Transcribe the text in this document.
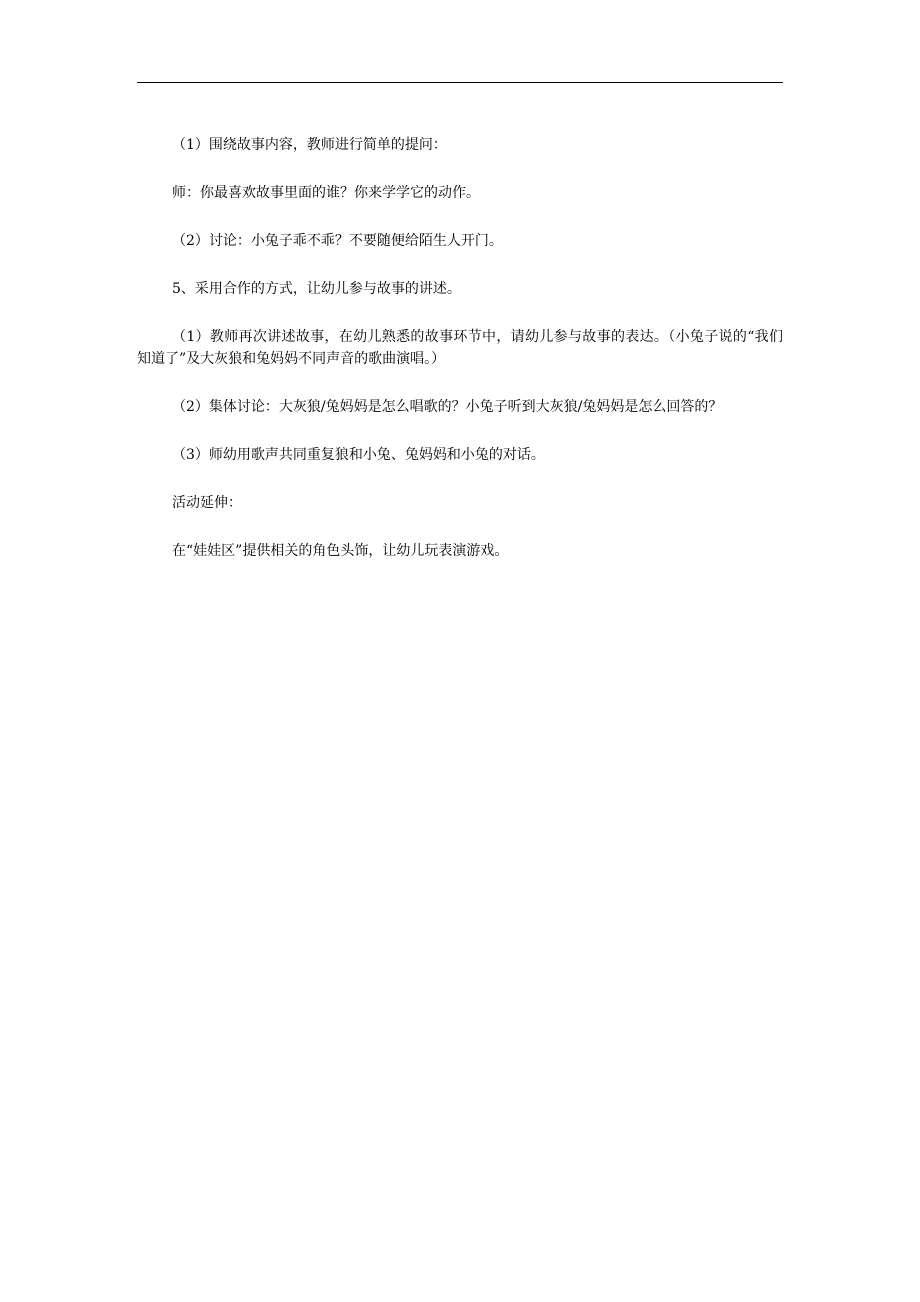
（1）围绕故事内容，教师进行简单的提问：

师：你最喜欢故事里面的谁？你来学学它的动作。

（2）讨论：小兔子乖不乖？不要随便给陌生人开门。

5、采用合作的方式，让幼儿参与故事的讲述。

（1）教师再次讲述故事，在幼儿熟悉的故事环节中，请幼儿参与故事的表达。（小兔子说的“我们知道了”及大灰狼和兔妈妈不同声音的歌曲演唱。）

（2）集体讨论：大灰狼/兔妈妈是怎么唱歌的？小兔子听到大灰狼/兔妈妈是怎么回答的？

（3）师幼用歌声共同重复狼和小兔、兔妈妈和小兔的对话。

活动延伸：

在“娃娃区”提供相关的角色头饰，让幼儿玩表演游戏。
